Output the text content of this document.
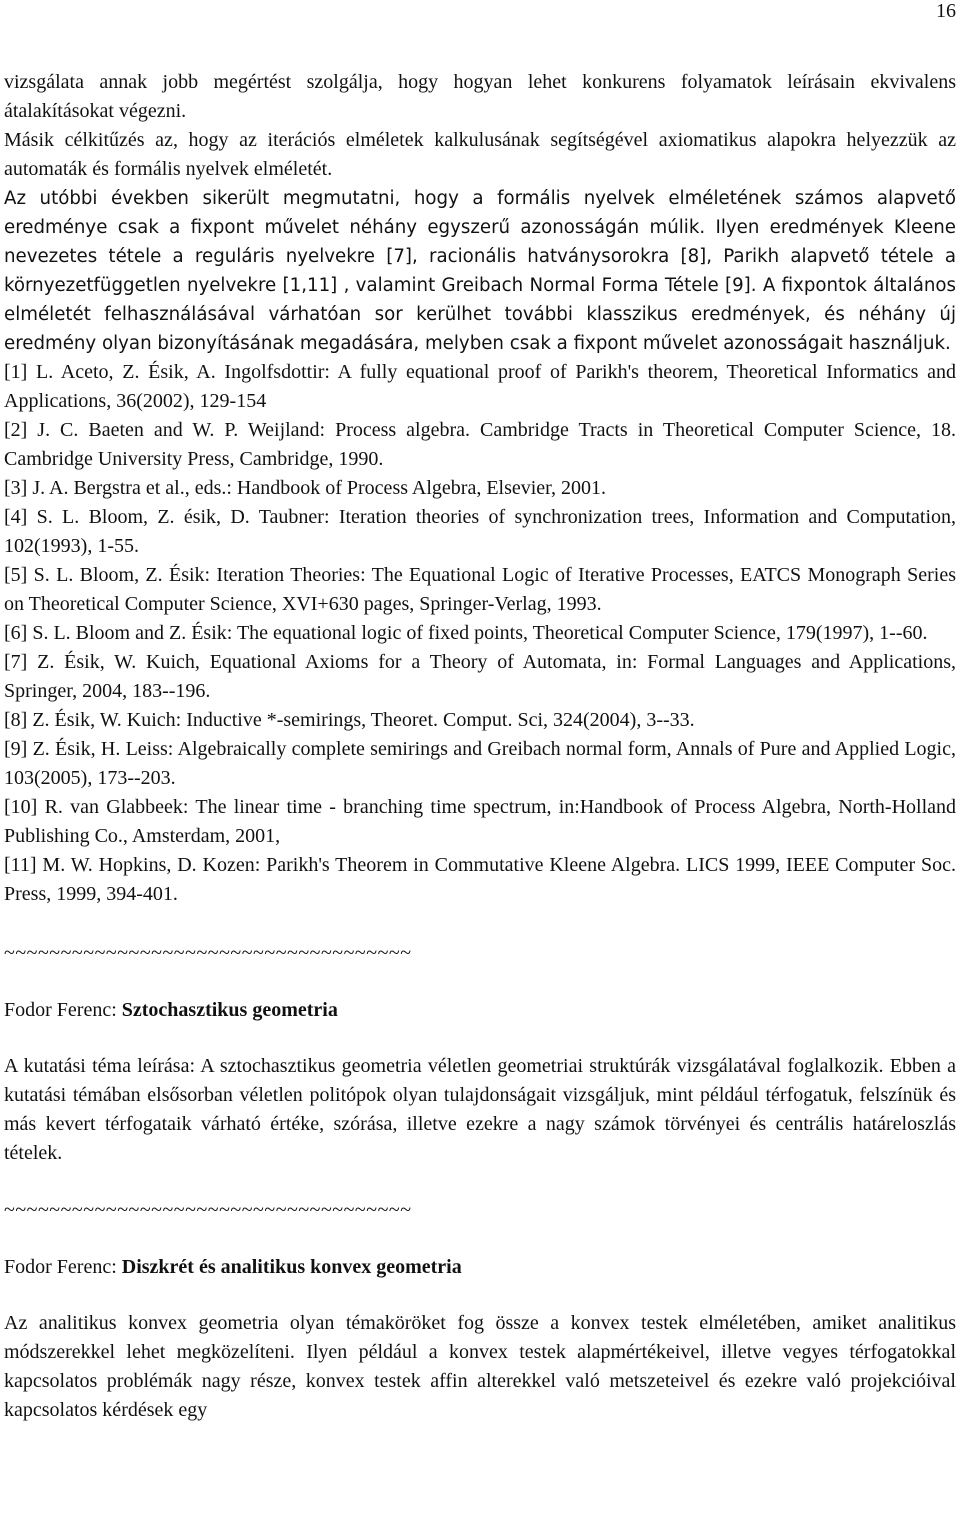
16

vizsgálata annak jobb megértést szolgálja, hogy hogyan lehet konkurens folyamatok leírásain ekvivalens átalakításokat végezni.

Másik célkitűzés az, hogy az iterációs elméletek kalkulusának segítségével axiomatikus alapokra helyezzük az automaták és formális nyelvek elméletét.

Az utóbbi években sikerült megmutatni, hogy a formális nyelvek elméletének számos alapvető eredménye csak a fixpont művelet néhány egyszerű azonosságán múlik. Ilyen eredmények Kleene nevezetes tétele a reguláris nyelvekre [7], racionális hatványsorokra [8], Parikh alapvető tétele a környezetfüggetlen nyelvekre [1,11] , valamint Greibach Normal Forma Tétele [9]. A fixpontok általános elméletét felhasználásával várhatóan sor kerülhet további klasszikus eredmények, és néhány új eredmény olyan bizonyításának megadására, melyben csak a fixpont művelet azonosságait használjuk.

[1] L. Aceto, Z. Ésik, A. Ingolfsdottir: A fully equational proof of Parikh's theorem, Theoretical Informatics and Applications, 36(2002), 129-154

[2] J. C. Baeten and W. P. Weijland: Process algebra. Cambridge Tracts in Theoretical Computer Science, 18. Cambridge University Press, Cambridge, 1990.

[3] J. A. Bergstra et al., eds.: Handbook of Process Algebra, Elsevier, 2001.

[4] S. L. Bloom, Z. ésik, D. Taubner: Iteration theories of synchronization trees, Information and Computation, 102(1993), 1-55.

[5] S. L. Bloom, Z. Ésik: Iteration Theories: The Equational Logic of Iterative Processes, EATCS Monograph Series on Theoretical Computer Science, XVI+630 pages, Springer-Verlag, 1993.

[6] S. L. Bloom and Z. Ésik: The equational logic of fixed points, Theoretical Computer Science, 179(1997), 1--60.

[7] Z. Ésik, W. Kuich, Equational Axioms for a Theory of Automata, in: Formal Languages and Applications, Springer, 2004, 183--196.

[8] Z. Ésik, W. Kuich: Inductive *-semirings, Theoret. Comput. Sci, 324(2004), 3--33.

[9] Z. Ésik, H. Leiss: Algebraically complete semirings and Greibach normal form, Annals of Pure and Applied Logic, 103(2005), 173--203.

[10] R. van Glabbeek: The linear time - branching time spectrum, in:Handbook of Process Algebra, North-Holland Publishing Co., Amsterdam, 2001,

[11] M. W. Hopkins, D. Kozen: Parikh's Theorem in Commutative Kleene Algebra. LICS 1999, IEEE Computer Soc. Press, 1999, 394-401.

~~~~~~~~~~~~~~~~~~~~~~~~~~~~~~~~~~~~
Fodor Ferenc: Sztochasztikus geometria

A kutatási téma leírása: A sztochasztikus geometria véletlen geometriai struktúrák vizsgálatával foglalkozik. Ebben a kutatási témában elsősorban véletlen politópok olyan tulajdonságait vizsgáljuk, mint például térfogatuk, felszínük és más kevert térfogataik várható értéke, szórása, illetve ezekre a nagy számok törvényei és centrális határeloszlás tételek.

~~~~~~~~~~~~~~~~~~~~~~~~~~~~~~~~~~~~
Fodor Ferenc: Diszkrét és analitikus konvex geometria

Az analitikus konvex geometria olyan témaköröket fog össze a konvex testek elméletében, amiket analitikus módszerekkel lehet megközelíteni. Ilyen például a konvex testek alapmértékeivel, illetve vegyes térfogatokkal kapcsolatos problémák nagy része, konvex testek affin alterekkel való metszeteivel és ezekre való projekcióival kapcsolatos kérdések egy
